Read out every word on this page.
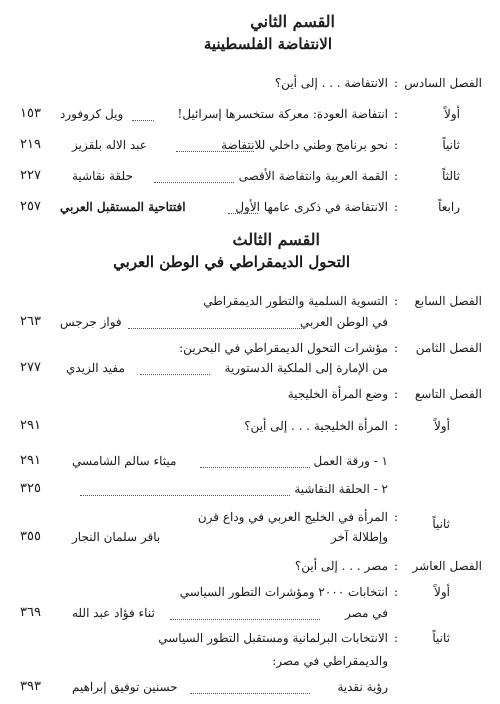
القسم الثاني
الانتفاضة الفلسطينية
الفصل السادس
:
الانتفاضة . . . إلى أين؟
أولاً
:
انتفاضة العودة: معركة ستخسرها إسرائيل!
ويل كروفورد
١٥٣
ثانياً
:
نحو برنامج وطني داخلي للانتفاضة
عبد الاله بلقزيز
٢١٩
ثالثاً
:
القمة العربية وانتفاضة الأقصى
حلقة نقاشية
٢٢٧
رابعاً
:
الانتفاضة في ذكرى عامها الأول
افتتاحية المستقبل العربي
٢٥٧
القسم الثالث
التحول الديمقراطي في الوطن العربي
الفصل السابع
:
التسوية السلمية والتطور الديمقراطي
في الوطن العربي
فواز جرجس
٢٦٣
الفصل الثامن
:
مؤشرات التحول الديمقراطي في البحرين:
من الإمارة إلى الملكية الدستورية
مفيد الزيدي
٢٧٧
الفصل التاسع
:
وضع المرأة الخليجية
أولاً
:
المرأة الخليجية . . . إلى أين؟
٢٩١
١ - ورقة العمل
ميثاء سالم الشامسي
٢٩١
٢ - الحلقة النقاشية
٣٢٥
ثانياً
:
المرأة في الخليج العربي في وداع قرن
وإطلالة آخر
باقر سلمان النجار
٣٥٥
الفصل العاشر
:
مصر . . . إلى أين؟
أولاً
:
انتخابات ٢٠٠٠ ومؤشرات التطور السياسي
في مصر
ثناء فؤاد عبد الله
٣٦٩
ثانياً
:
الانتخابات البرلمانية ومستقبل التطور السياسي
والديمقراطي في مصر:
رؤية نقدية
حسنين توفيق إبراهيم
٣٩٣
